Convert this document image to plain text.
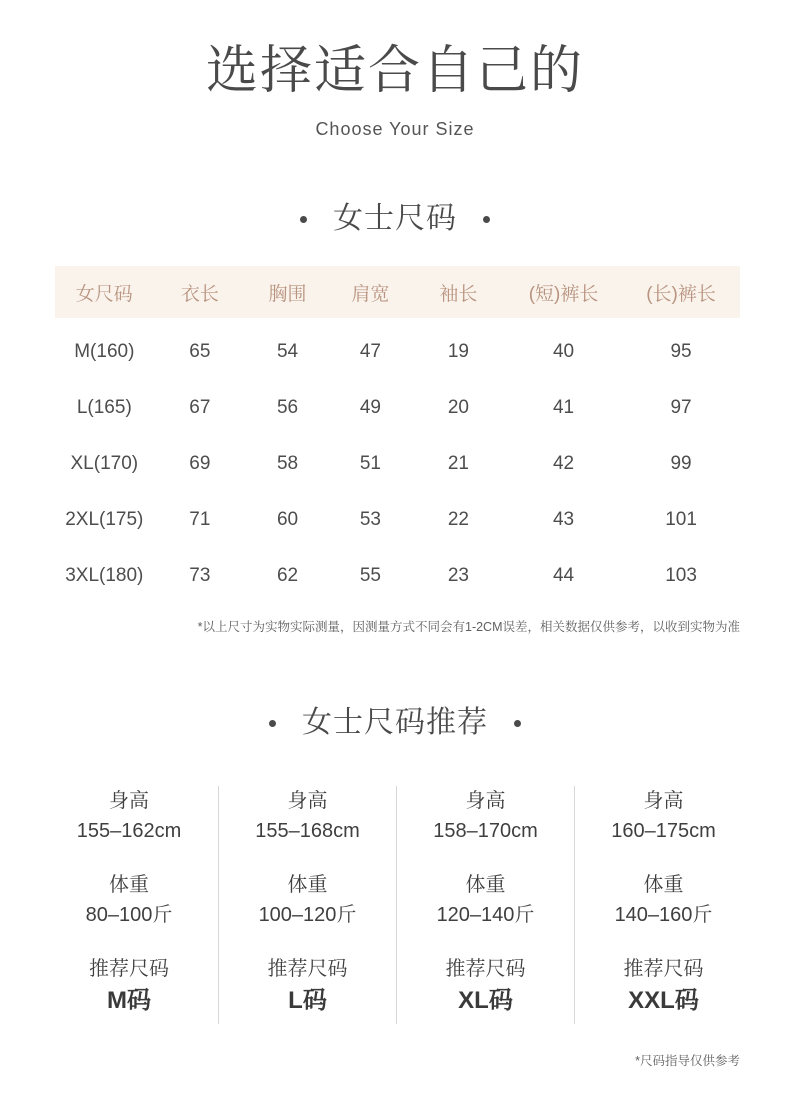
选择适合自己的
Choose Your Size
女士尺码
女尺码	衣长	胸围	肩宽	袖长	(短)裤长	(长)裤长
M(160)	65	54	47	19	40	95
L(165)	67	56	49	20	41	97
XL(170)	69	58	51	21	42	99
2XL(175)	71	60	53	22	43	101
3XL(180)	73	62	55	23	44	103
*以上尺寸为实物实际测量，因测量方式不同会有1-2CM误差，相关数据仅供参考，以收到实物为准
女士尺码推荐
身高
155–162cm
体重
80–100斤
推荐尺码
M码
身高
155–168cm
体重
100–120斤
推荐尺码
L码
身高
158–170cm
体重
120–140斤
推荐尺码
XL码
身高
160–175cm
体重
140–160斤
推荐尺码
XXL码
*尺码指导仅供参考
